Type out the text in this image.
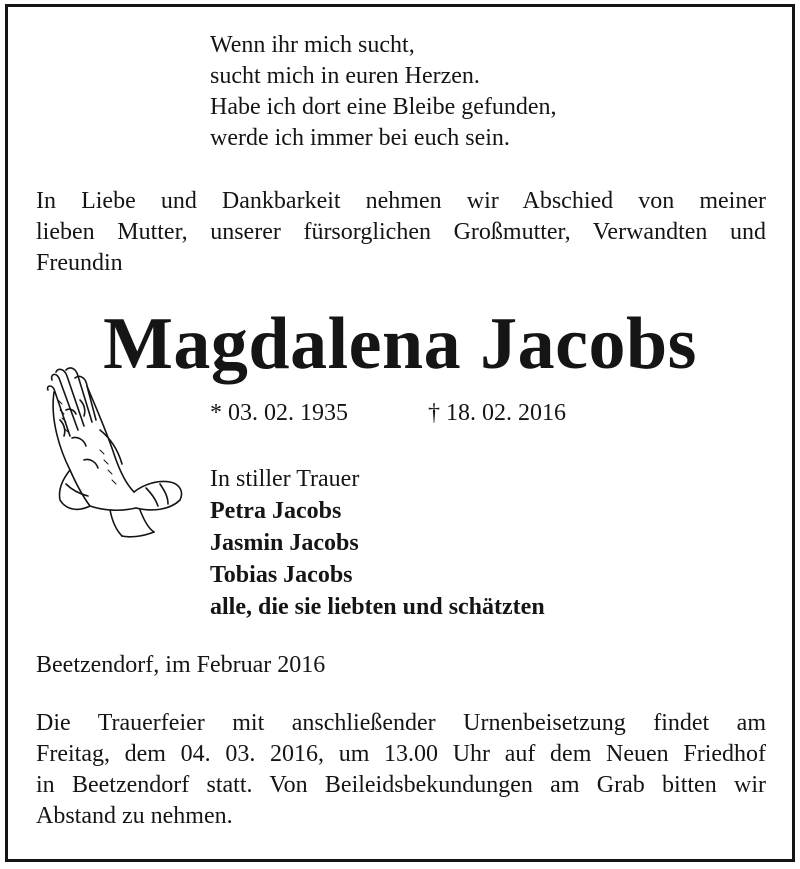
Wenn ihr mich sucht,
sucht mich in euren Herzen.
Habe ich dort eine Bleibe gefunden,
werde ich immer bei euch sein.
In Liebe und Dankbarkeit nehmen wir Abschied von meiner
lieben Mutter, unserer fürsorglichen Großmutter, Verwandten und
Freundin
Magdalena Jacobs
* 03. 02. 1935	† 18. 02. 2016
In stiller Trauer
Petra Jacobs
Jasmin Jacobs
Tobias Jacobs
alle, die sie liebten und schätzten
Beetzendorf, im Februar 2016
Die Trauerfeier mit anschließender Urnenbeisetzung findet am
Freitag, dem 04. 03. 2016, um 13.00 Uhr auf dem Neuen Friedhof
in Beetzendorf statt. Von Beileidsbekundungen am Grab bitten wir
Abstand zu nehmen.
